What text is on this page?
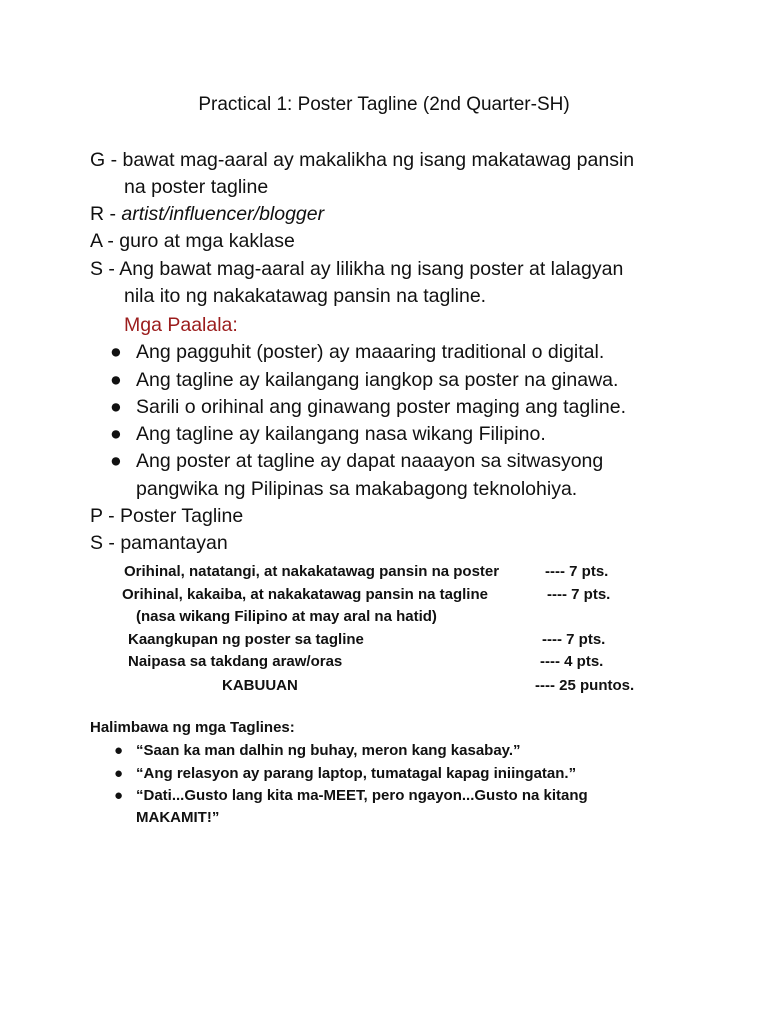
Practical 1: Poster Tagline (2nd Quarter-SH)
G - bawat mag-aaral ay makalikha ng isang makatawag pansin
na poster tagline
R - artist/influencer/blogger
A - guro at mga kaklase
S - Ang bawat mag-aaral ay lilikha ng isang poster at lalagyan
nila ito ng nakakatawag pansin na tagline.
Mga Paalala:
● Ang pagguhit (poster) ay maaaring traditional o digital.
● Ang tagline ay kailangang iangkop sa poster na ginawa.
● Sarili o orihinal ang ginawang poster maging ang tagline.
● Ang tagline ay kailangang nasa wikang Filipino.
● Ang poster at tagline ay dapat naaayon sa sitwasyong
pangwika ng Pilipinas sa makabagong teknolohiya.
P - Poster Tagline
S - pamantayan
Orihinal, natatangi, at nakakatawag pansin na poster	---- 7 pts.
Orihinal, kakaiba, at nakakatawag pansin na tagline	---- 7 pts.
(nasa wikang Filipino at may aral na hatid)
Kaangkupan ng poster sa tagline	---- 7 pts.
Naipasa sa takdang araw/oras	---- 4 pts.
KABUUAN	---- 25 puntos.
Halimbawa ng mga Taglines:
● “Saan ka man dalhin ng buhay, meron kang kasabay.”
● “Ang relasyon ay parang laptop, tumatagal kapag iniingatan.”
● “Dati...Gusto lang kita ma-MEET, pero ngayon...Gusto na kitang
MAKAMIT!”
